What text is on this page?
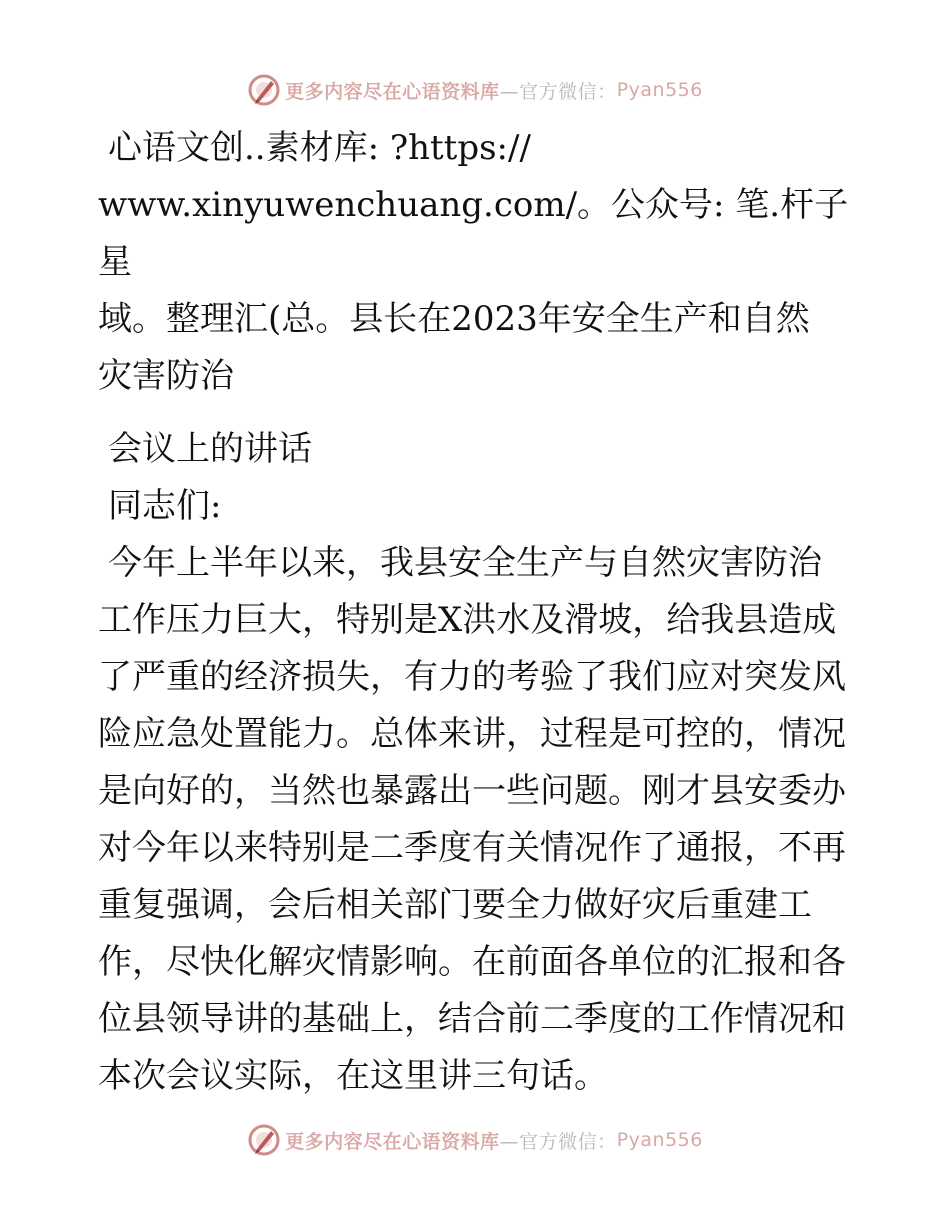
更多内容尽在心语资料库 —官方微信： Pyan556

心语文创..素材库: ?https://

www.xinyuwenchuang.com/。公众号: 笔.杆子星

域。整理汇(总。县长在2023年安全生产和自然

灾害防治

会议上的讲话

同志们:

今年上半年以来，我县安全生产与自然灾害防治

工作压力巨大，特别是X洪水及滑坡，给我县造成

了严重的经济损失，有力的考验了我们应对突发风

险应急处置能力。总体来讲，过程是可控的，情况

是向好的，当然也暴露出一些问题。刚才县安委办

对今年以来特别是二季度有关情况作了通报，不再

重复强调，会后相关部门要全力做好灾后重建工

作，尽快化解灾情影响。在前面各单位的汇报和各

位县领导讲的基础上，结合前二季度的工作情况和

本次会议实际，在这里讲三句话。

更多内容尽在心语资料库 —官方微信： Pyan556
